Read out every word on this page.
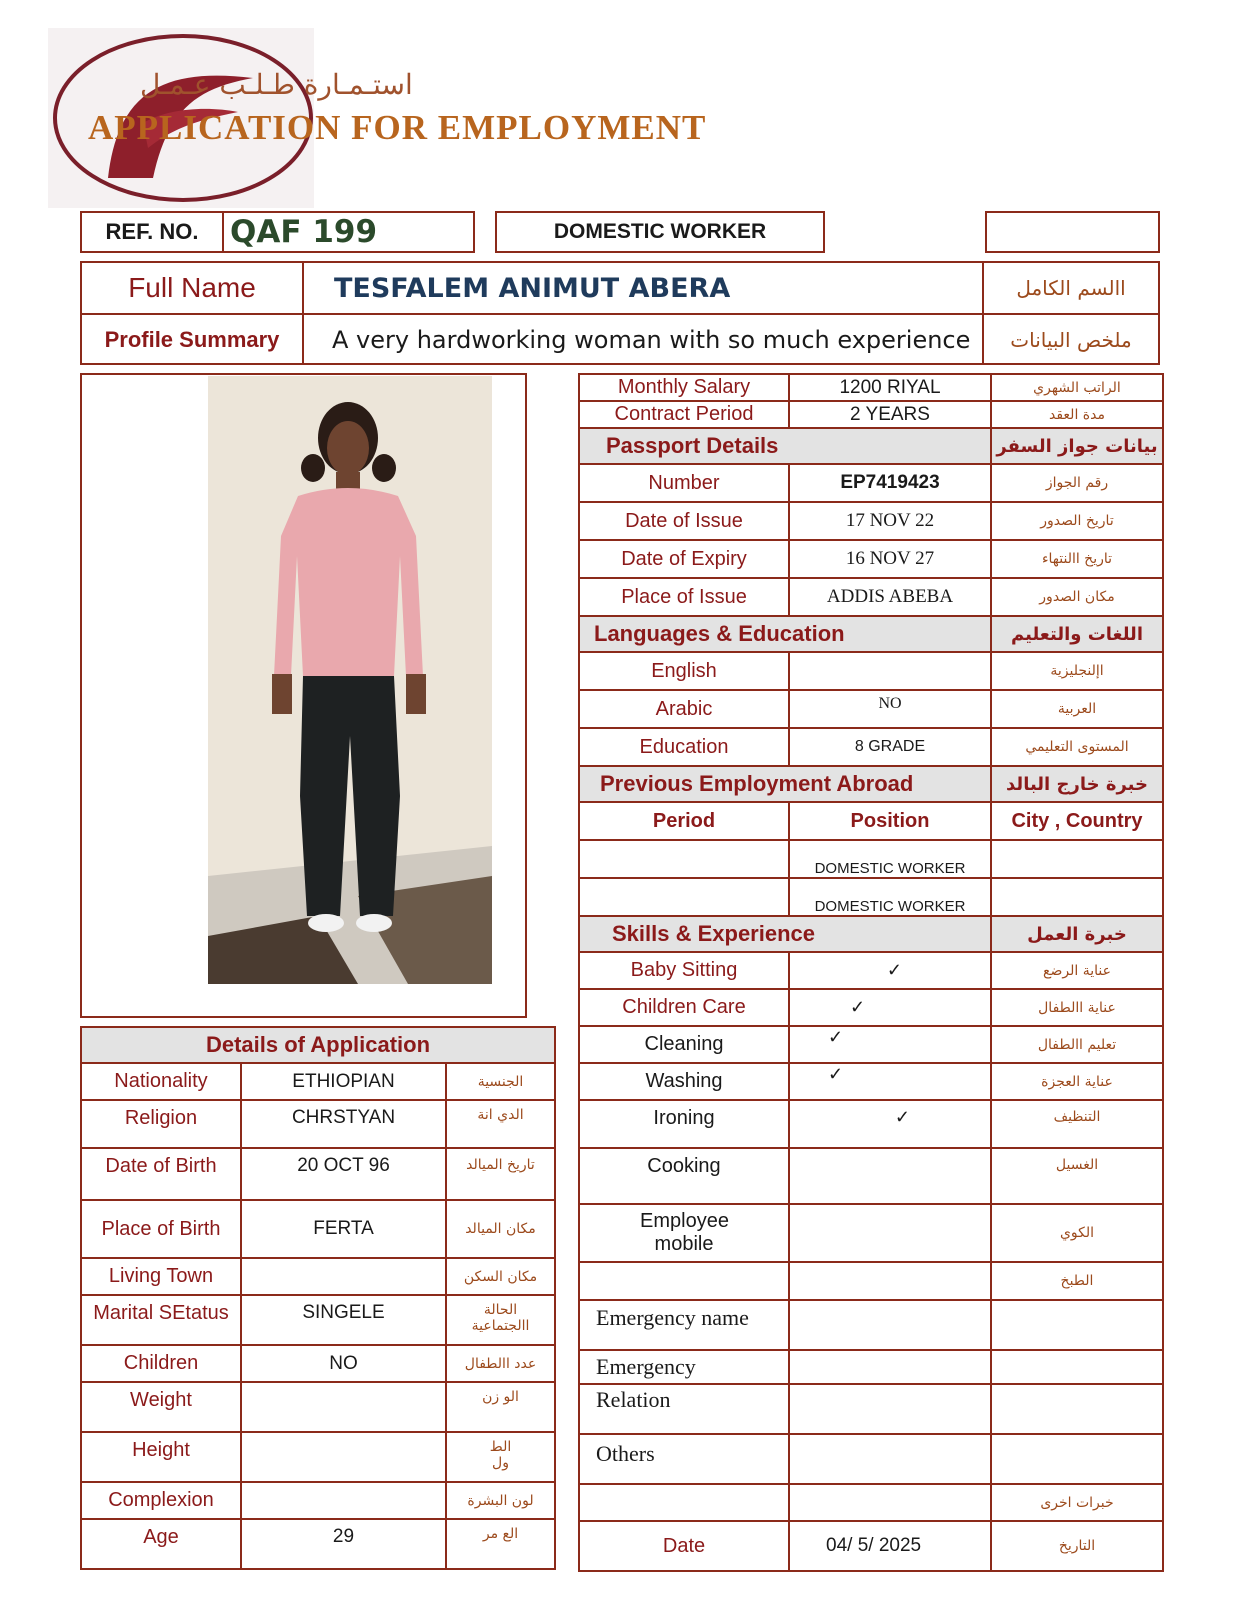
استـمـارة طـلـب عـمـل
APPLICATION FOR EMPLOYMENT
REF. NO.	QAF 199	DOMESTIC WORKER
Full Name	TESFALEM ANIMUT ABERA	االسم الكامل
Profile Summary	A very hardworking woman with so much experience	ملخص البيانات
Monthly Salary	1200 RIYAL	الراتب الشهري
Contract Period	2 YEARS	مدة العقد
Passport Details		بيانات جواز السفر
Number	EP7419423	رقم الجواز
Date of Issue	17 NOV 22	تاريخ الصدور
Date of Expiry	16 NOV 27	تاريخ االنتهاء
Place of Issue	ADDIS ABEBA	مكان الصدور
Languages & Education		اللغات والتعليم
English		اإلنجليزية
Arabic	NO	العربية
Education	8 GRADE	المستوى التعليمي
Previous Employment Abroad		خبرة خارج البالد
Period	Position	City , Country
	DOMESTIC WORKER	
	DOMESTIC WORKER	
Skills & Experience		خبرة العمل
Baby Sitting	✓	عناية الرضع
Children Care	✓	عناية االطفال
Cleaning	✓	تعليم االطفال
Washing	✓	عناية العجزة
Ironing	✓	التنظيف
Cooking		الغسيل
Employee mobile		الكوي
		الطبخ
Emergency name		
Emergency		
Relation		
Others		
		خبرات اخرى
Date	04/ 5/ 2025	التاريخ
Details of Application		
Nationality	ETHIOPIAN	الجنسية
Religion	CHRSTYAN	الدي انة
Date of Birth	20 OCT 96	تاريخ الميالد
Place of Birth	FERTA	مكان الميالد
Living Town		مكان السكن
Marital SEtatus	SINGELE	الحالة االجتماعية
Children	NO	عدد االطفال
Weight		الو زن
Height		الط ول
Complexion		لون البشرة
Age	29	الع مر
